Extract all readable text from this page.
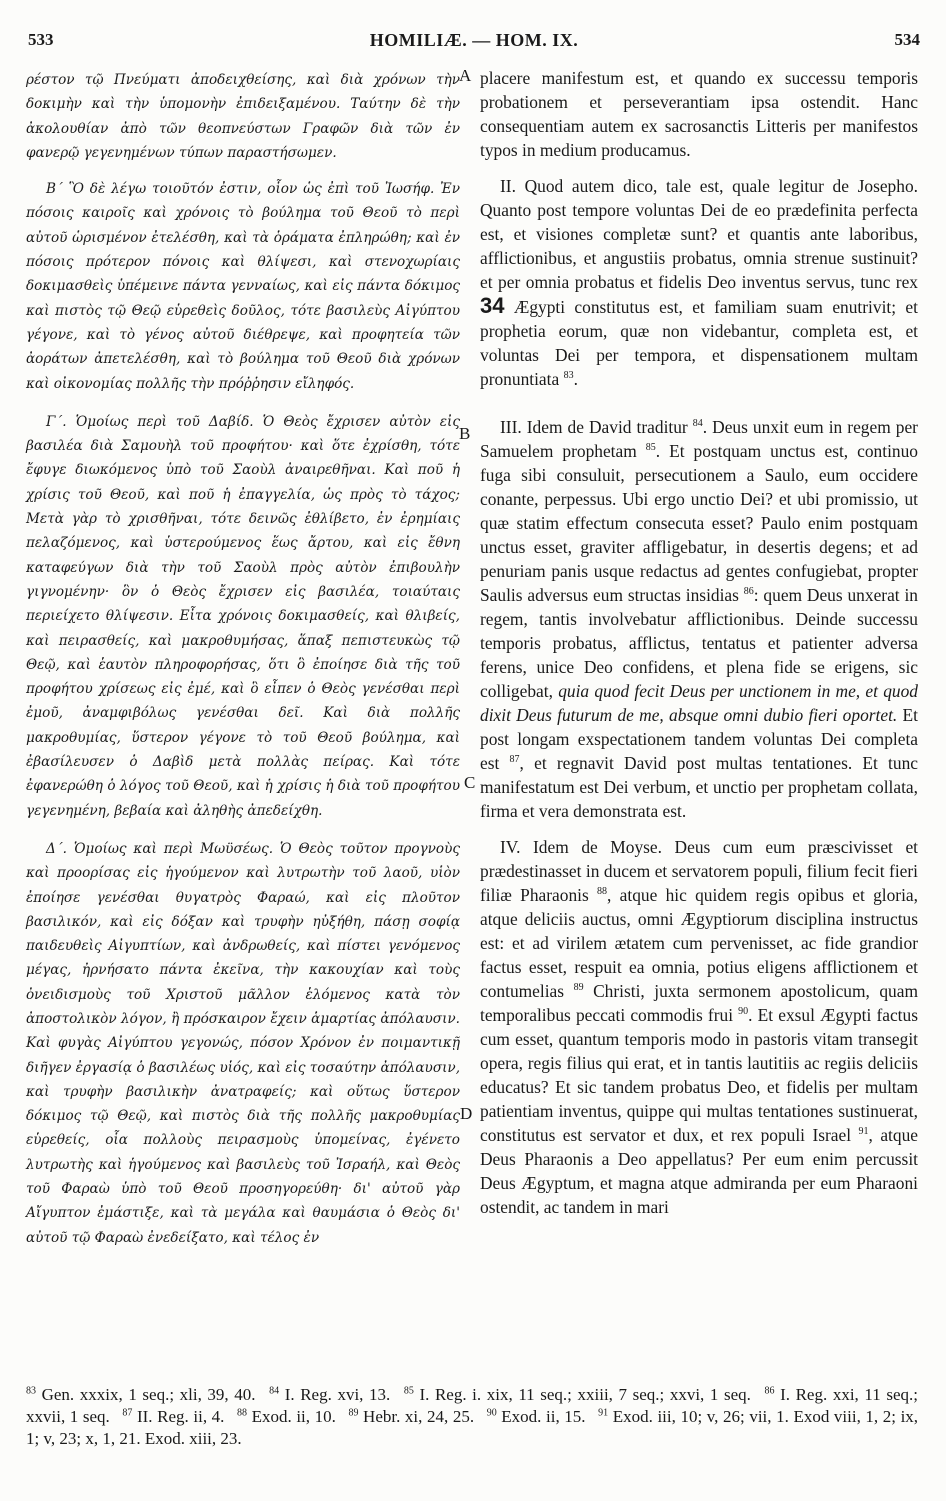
533	HOMILIÆ. — HOM. IX.	534
A
B
C
D

ρέστον τῷ Πνεύματι ἀποδειχθείσης, καὶ διὰ χρόνων τὴν δοκιμὴν καὶ τὴν ὑπομονὴν ἐπιδειξαμένου. Ταύτην δὲ τὴν ἀκολουθίαν ἀπὸ τῶν θεοπνεύστων Γραφῶν διὰ τῶν ἐν φανερῷ γεγενημένων τύπων παραστήσωμεν.

Β΄ Ὃ δὲ λέγω τοιοῦτόν ἐστιν, οἷον ὡς ἐπὶ τοῦ Ἰωσήφ. Ἐν πόσοις καιροῖς καὶ χρόνοις τὸ βούλημα τοῦ Θεοῦ τὸ περὶ αὐτοῦ ὡρισμένον ἐτελέσθη, καὶ τὰ ὁράματα ἐπληρώθη; καὶ ἐν πόσοις πρότερον πόνοις καὶ θλίψεσι, καὶ στενοχωρίαις δοκιμασθεὶς ὑπέμεινε πάντα γενναίως, καὶ εἰς πάντα δόκιμος καὶ πιστὸς τῷ Θεῷ εὑρεθεὶς δοῦλος, τότε βασιλεὺς Αἰγύπτου γέγονε, καὶ τὸ γένος αὐτοῦ διέθρεψε, καὶ προφητεία τῶν ἀοράτων ἀπετελέσθη, καὶ τὸ βούλημα τοῦ Θεοῦ διὰ χρόνων καὶ οἰκονομίας πολλῆς τὴν πρόῤῥησιν εἴληφός.

Γ΄. Ὁμοίως περὶ τοῦ Δαβίδ. Ὁ Θεὸς ἔχρισεν αὐτὸν εἰς βασιλέα διὰ Σαμουὴλ τοῦ προφήτου· καὶ ὅτε ἐχρίσθη, τότε ἔφυγε διωκόμενος ὑπὸ τοῦ Σαοὺλ ἀναιρεθῆναι. Καὶ ποῦ ἡ χρίσις τοῦ Θεοῦ, καὶ ποῦ ἡ ἐπαγγελία, ὡς πρὸς τὸ τάχος; Μετὰ γὰρ τὸ χρισθῆναι, τότε δεινῶς ἐθλίβετο, ἐν ἐρημίαις πελαζόμενος, καὶ ὑστερούμενος ἕως ἄρτου, καὶ εἰς ἔθνη καταφεύγων διὰ τὴν τοῦ Σαοὺλ πρὸς αὐτὸν ἐπιβουλὴν γιγνομένην· ὃν ὁ Θεὸς ἔχρισεν εἰς βασιλέα, τοιαύταις περιείχετο θλίψεσιν. Εἶτα χρόνοις δοκιμασθείς, καὶ θλιβείς, καὶ πειρασθείς, καὶ μακροθυμήσας, ἅπαξ πεπιστευκὼς τῷ Θεῷ, καὶ ἑαυτὸν πληροφορήσας, ὅτι ὃ ἐποίησε διὰ τῆς τοῦ προφήτου χρίσεως εἰς ἐμέ, καὶ ὃ εἶπεν ὁ Θεὸς γενέσθαι περὶ ἐμοῦ, ἀναμφιβόλως γενέσθαι δεῖ. Καὶ διὰ πολλῆς μακροθυμίας, ὕστερον γέγονε τὸ τοῦ Θεοῦ βούλημα, καὶ ἐβασίλευσεν ὁ Δαβὶδ μετὰ πολλὰς πείρας. Καὶ τότε ἐφανερώθη ὁ λόγος τοῦ Θεοῦ, καὶ ἡ χρίσις ἡ διὰ τοῦ προφήτου γεγενημένη, βεβαία καὶ ἀληθὴς ἀπεδείχθη.

Δ΄. Ὁμοίως καὶ περὶ Μωϋσέως. Ὁ Θεὸς τοῦτον προγνοὺς καὶ προορίσας εἰς ἡγούμενον καὶ λυτρωτὴν τοῦ λαοῦ, υἱὸν ἐποίησε γενέσθαι θυγατρὸς Φαραώ, καὶ εἰς πλοῦτον βασιλικόν, καὶ εἰς δόξαν καὶ τρυφὴν ηὐξήθη, πάσῃ σοφίᾳ παιδευθεὶς Αἰγυπτίων, καὶ ἀνδρωθείς, καὶ πίστει γενόμενος μέγας, ἠρνήσατο πάντα ἐκεῖνα, τὴν κακουχίαν καὶ τοὺς ὀνειδισμοὺς τοῦ Χριστοῦ μᾶλλον ἑλόμενος κατὰ τὸν ἀποστολικὸν λόγον, ἢ πρόσκαιρον ἔχειν ἁμαρτίας ἀπόλαυσιν. Καὶ φυγὰς Αἰγύπτου γεγονώς, πόσον Χρόνον ἐν ποιμαντικῇ διῆγεν ἐργασίᾳ ὁ βασιλέως υἱός, καὶ εἰς τοσαύτην ἀπόλαυσιν, καὶ τρυφὴν βασιλικὴν ἀνατραφείς; καὶ οὕτως ὕστερον δόκιμος τῷ Θεῷ, καὶ πιστὸς διὰ τῆς πολλῆς μακροθυμίας εὑρεθείς, οἷα πολλοὺς πειρασμοὺς ὑπομείνας, ἐγένετο λυτρωτὴς καὶ ἡγούμενος καὶ βασιλεὺς τοῦ Ἰσραήλ, καὶ Θεὸς τοῦ Φαραὼ ὑπὸ τοῦ Θεοῦ προσηγορεύθη· δι' αὐτοῦ γὰρ Αἴγυπτον ἐμάστιξε, καὶ τὰ μεγάλα καὶ θαυμάσια ὁ Θεὸς δι' αὐτοῦ τῷ Φαραὼ ἐνεδείξατο, καὶ τέλος ἐν

placere manifestum est, et quando ex successu temporis probationem et perseverantiam ipsa ostendit. Hanc consequentiam autem ex sacrosanctis Litteris per manifestos typos in medium producamus.

II. Quod autem dico, tale est, quale legitur de Josepho. Quanto post tempore voluntas Dei de eo prædefinita perfecta est, et visiones completæ sunt? et quantis ante laboribus, afflictionibus, et angustiis probatus, omnia strenue sustinuit? et per omnia probatus et fidelis Deo inventus servus, tunc rex 34 Ægypti constitutus est, et familiam suam enutrivit; et prophetia eorum, quæ non videbantur, completa est, et voluntas Dei per tempora, et dispensationem multam pronuntiata $^{83}$.

III. Idem de David traditur $^{84}$. Deus unxit eum in regem per Samuelem prophetam $^{85}$. Et postquam unctus est, continuo fuga sibi consuluit, persecutionem a Saulo, eum occidere conante, perpessus. Ubi ergo unctio Dei? et ubi promissio, ut quæ statim effectum consecuta esset? Paulo enim postquam unctus esset, graviter affligebatur, in desertis degens; et ad penuriam panis usque redactus ad gentes confugiebat, propter Saulis adversus eum structas insidias $^{86}$: quem Deus unxerat in regem, tantis involvebatur afflictionibus. Deinde successu temporis probatus, afflictus, tentatus et patienter adversa ferens, unice Deo confidens, et plena fide se erigens, sic colligebat, quia quod fecit Deus per unctionem in me, et quod dixit Deus futurum de me, absque omni dubio fieri oportet. Et post longam exspectationem tandem voluntas Dei completa est $^{87}$, et regnavit David post multas tentationes. Et tunc manifestatum est Dei verbum, et unctio per prophetam collata, firma et vera demonstrata est.

IV. Idem de Moyse. Deus cum eum præscivisset et prædestinasset in ducem et servatorem populi, filium fecit fieri filiæ Pharaonis $^{88}$, atque hic quidem regis opibus et gloria, atque deliciis auctus, omni Ægyptiorum disciplina instructus est: et ad virilem ætatem cum pervenisset, ac fide grandior factus esset, respuit ea omnia, potius eligens afflictionem et contumelias $^{89}$ Christi, juxta sermonem apostolicum, quam temporalibus peccati commodis frui $^{90}$. Et exsul Ægypti factus cum esset, quantum temporis modo in pastoris vitam transegit opera, regis filius qui erat, et in tantis lautitiis ac regiis deliciis educatus? Et sic tandem probatus Deo, et fidelis per multam patientiam inventus, quippe qui multas tentationes sustinuerat, constitutus est servator et dux, et rex populi Israel $^{91}$, atque Deus Pharaonis a Deo appellatus? Per eum enim percussit Deus Ægyptum, et magna atque admiranda per eum Pharaoni ostendit, ac tandem in mari

$^{83}$ Gen. xxxix, 1 seq.; xli, 39, 40. $^{84}$ I. Reg. xvi, 13. $^{85}$ I. Reg. i. xix, 11 seq.; xxiii, 7 seq.; xxvi, 1 seq. $^{86}$ I. Reg. xxi, 11 seq.; xxvii, 1 seq. $^{87}$ II. Reg. ii, 4. $^{88}$ Exod. ii, 10. $^{89}$ Hebr. xi, 24, 25. $^{90}$ Exod. ii, 15. $^{91}$ Exod. iii, 10; v, 26; vii, 1. Exod viii, 1, 2; ix, 1; v, 23; x, 1, 21. Exod. xiii, 23.
